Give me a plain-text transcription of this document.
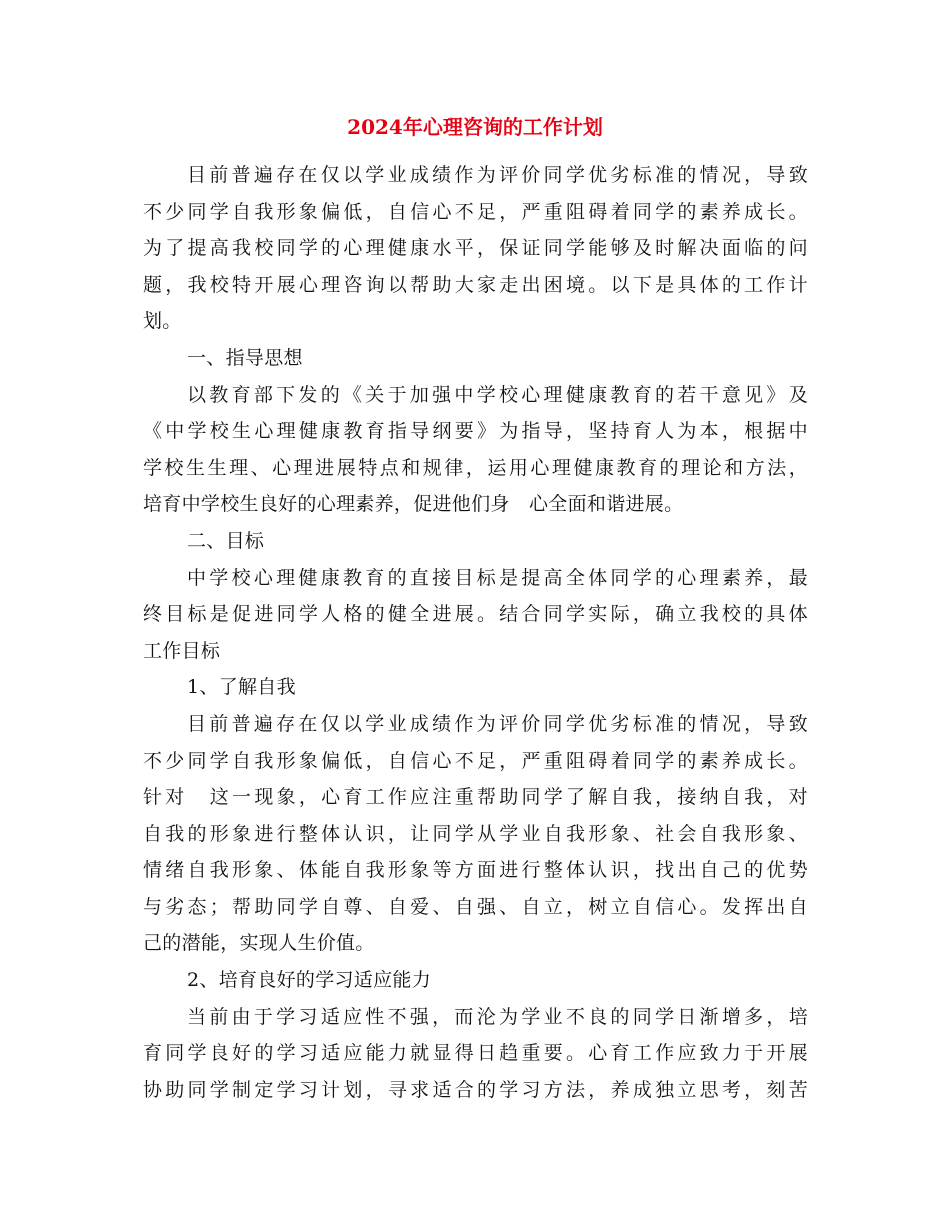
2024年心理咨询的工作计划
目前普遍存在仅以学业成绩作为评价同学优劣标准的情况，导致
不少同学自我形象偏低，自信心不足，严重阻碍着同学的素养成长。
为了提高我校同学的心理健康水平，保证同学能够及时解决面临的问
题，我校特开展心理咨询以帮助大家走出困境。以下是具体的工作计
划。
一、指导思想
以教育部下发的《关于加强中学校心理健康教育的若干意见》及
《中学校生心理健康教育指导纲要》为指导，坚持育人为本，根据中
学校生生理、心理进展特点和规律，运用心理健康教育的理论和方法，
培育中学校生良好的心理素养，促进他们身　心全面和谐进展。
二、目标
中学校心理健康教育的直接目标是提高全体同学的心理素养，最
终目标是促进同学人格的健全进展。结合同学实际，确立我校的具体
工作目标
1、了解自我
目前普遍存在仅以学业成绩作为评价同学优劣标准的情况，导致
不少同学自我形象偏低，自信心不足，严重阻碍着同学的素养成长。
针对　这一现象，心育工作应注重帮助同学了解自我，接纳自我，对
自我的形象进行整体认识，让同学从学业自我形象、社会自我形象、
情绪自我形象、体能自我形象等方面进行整体认识，找出自己的优势
与劣态；帮助同学自尊、自爱、自强、自立，树立自信心。发挥出自
己的潜能，实现人生价值。
2、培育良好的学习适应能力
当前由于学习适应性不强，而沦为学业不良的同学日渐增多，培
育同学良好的学习适应能力就显得日趋重要。心育工作应致力于开展
协助同学制定学习计划，寻求适合的学习方法，养成独立思考，刻苦
